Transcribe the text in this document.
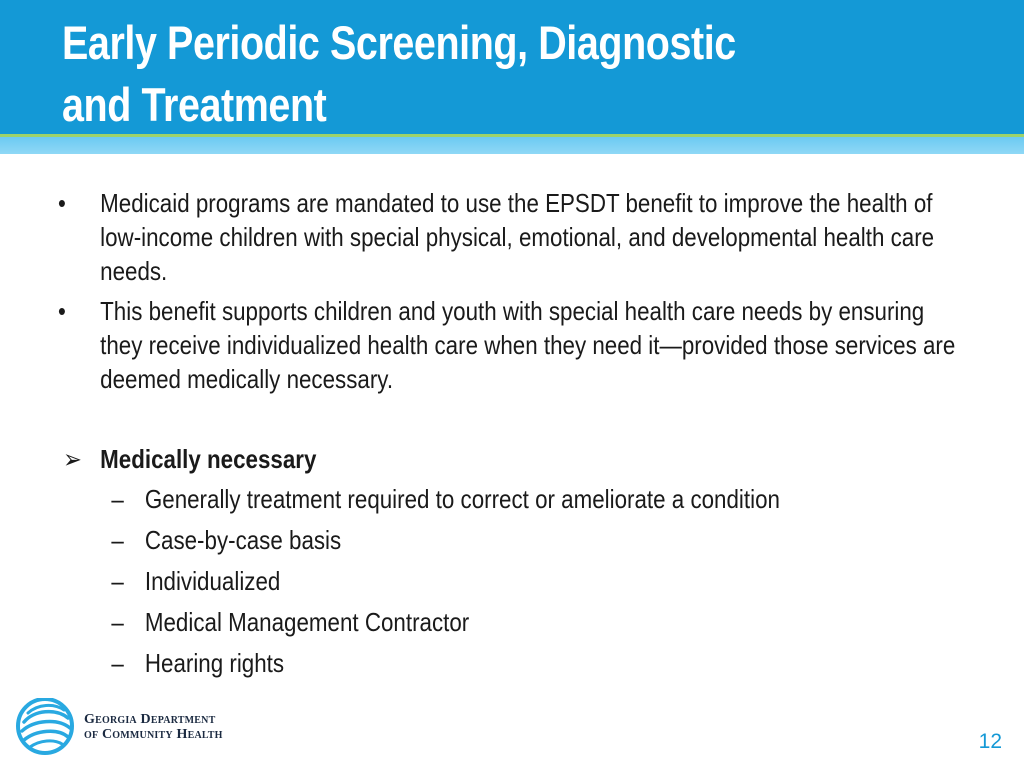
Early Periodic Screening, Diagnostic
and Treatment
•	Medicaid programs are mandated to use the EPSDT benefit to improve the health of low-income children with special physical, emotional, and developmental health care needs.
•	This benefit supports children and youth with special health care needs by ensuring they receive individualized health care when they need it—provided those services are deemed medically necessary.
➢ Medically necessary
– Generally treatment required to correct or ameliorate a condition
– Case-by-case basis
– Individualized
– Medical Management Contractor
– Hearing rights
Georgia Department
of Community Health	12
